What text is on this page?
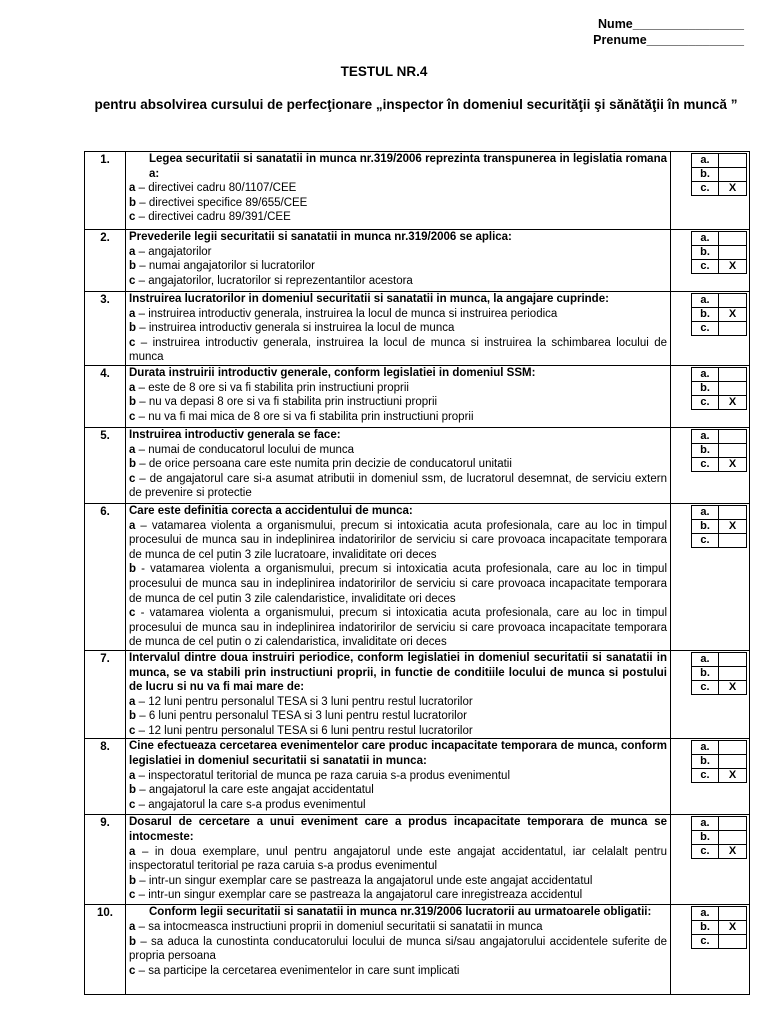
Nume________________
Prenume______________
TESTUL NR.4
pentru absolvirea cursului de perfecţionare „inspector în domeniul securităţii şi sănătăţii în muncă ”
1.	Legea securitatii si sanatatii in munca nr.319/2006 reprezinta transpunerea in legislatia romana a:
a – directivei cadru 80/1107/CEE
b – directivei specifice 89/655/CEE
c – directivei cadru 89/391/CEE

a.	
b.	
c.	X

2.	Prevederile legii securitatii si sanatatii in munca nr.319/2006 se aplica:
a – angajatorilor
b – numai angajatorilor si lucratorilor
c – angajatorilor, lucratorilor si reprezentantilor acestora

a.	
b.	
c.	X

3.	Instruirea lucratorilor in domeniul securitatii si sanatatii in munca, la angajare cuprinde:
a – instruirea introductiv generala, instruirea la locul de munca si instruirea periodica
b – instruirea introductiv generala si instruirea la locul de munca
c – instruirea introductiv generala, instruirea la locul de munca si instruirea la schimbarea locului de munca

a.	
b.	X
c.	

4.	Durata instruirii introductiv generale, conform legislatiei in domeniul SSM:
a – este de 8 ore si va fi stabilita prin instructiuni proprii
b – nu va depasi 8 ore si va fi stabilita prin instructiuni proprii
c – nu va fi mai mica de 8 ore si va fi stabilita prin instructiuni proprii

a.	
b.	
c.	X

5.	Instruirea introductiv generala se face:
a – numai de conducatorul locului de munca
b – de orice persoana care este numita prin decizie de conducatorul unitatii
c – de angajatorul care si-a asumat atributii in domeniul ssm, de lucratorul desemnat, de serviciu extern de prevenire si protectie

a.	
b.	
c.	X

6.	Care este definitia corecta a accidentului de munca:
a – vatamarea violenta a organismului, precum si intoxicatia acuta profesionala, care au loc in timpul procesului de munca sau in indeplinirea indatoririlor de serviciu si care provoaca incapacitate temporara de munca de cel putin 3 zile lucratoare, invaliditate ori deces
b - vatamarea violenta a organismului, precum si intoxicatia acuta profesionala, care au loc in timpul procesului de munca sau in indeplinirea indatoririlor de serviciu si care provoaca incapacitate temporara de munca de cel putin 3 zile calendaristice, invaliditate ori deces
c - vatamarea violenta a organismului, precum si intoxicatia acuta profesionala, care au loc in timpul procesului de munca sau in indeplinirea indatoririlor de serviciu si care provoaca incapacitate temporara de munca de cel putin o zi calendaristica, invaliditate ori deces

a.	
b.	X
c.	

7.	Intervalul dintre doua instruiri periodice, conform legislatiei in domeniul securitatii si sanatatii in munca, se va stabili prin instructiuni proprii, in functie de conditiile locului de munca si postului de lucru si nu va fi mai mare de:
a – 12 luni pentru personalul TESA si 3 luni pentru restul lucratorilor
b – 6 luni pentru personalul TESA si 3 luni pentru restul lucratorilor
c – 12 luni pentru personalul TESA si 6 luni pentru restul lucratorilor

a.	
b.	
c.	X

8.	Cine efectueaza cercetarea evenimentelor care produc incapacitate temporara de munca, conform legislatiei in domeniul securitatii si sanatatii in munca:
a – inspectoratul teritorial de munca pe raza caruia s-a produs evenimentul
b – angajatorul la care este angajat accidentatul
c – angajatorul la care s-a produs evenimentul

a.	
b.	
c.	X

9.	Dosarul de cercetare a unui eveniment care a produs incapacitate temporara de munca se intocmeste:
a – in doua exemplare, unul pentru angajatorul unde este angajat accidentatul, iar celalalt pentru inspectoratul teritorial pe raza caruia s-a produs evenimentul
b – intr-un singur exemplar care se pastreaza la angajatorul unde este angajat accidentatul
c – intr-un singur exemplar care se pastreaza la angajatorul care inregistreaza accidentul

a.	
b.	
c.	X

10.	Conform legii securitatii si sanatatii in munca nr.319/2006 lucratorii au urmatoarele obligatii:
a – sa intocmeasca instructiuni proprii in domeniul securitatii si sanatatii in munca
b – sa aduca la cunostinta conducatorului locului de munca si/sau angajatorului accidentele suferite de propria persoana
c – sa participe la cercetarea evenimentelor in care sunt implicati

a.	
b.	X
c.	
